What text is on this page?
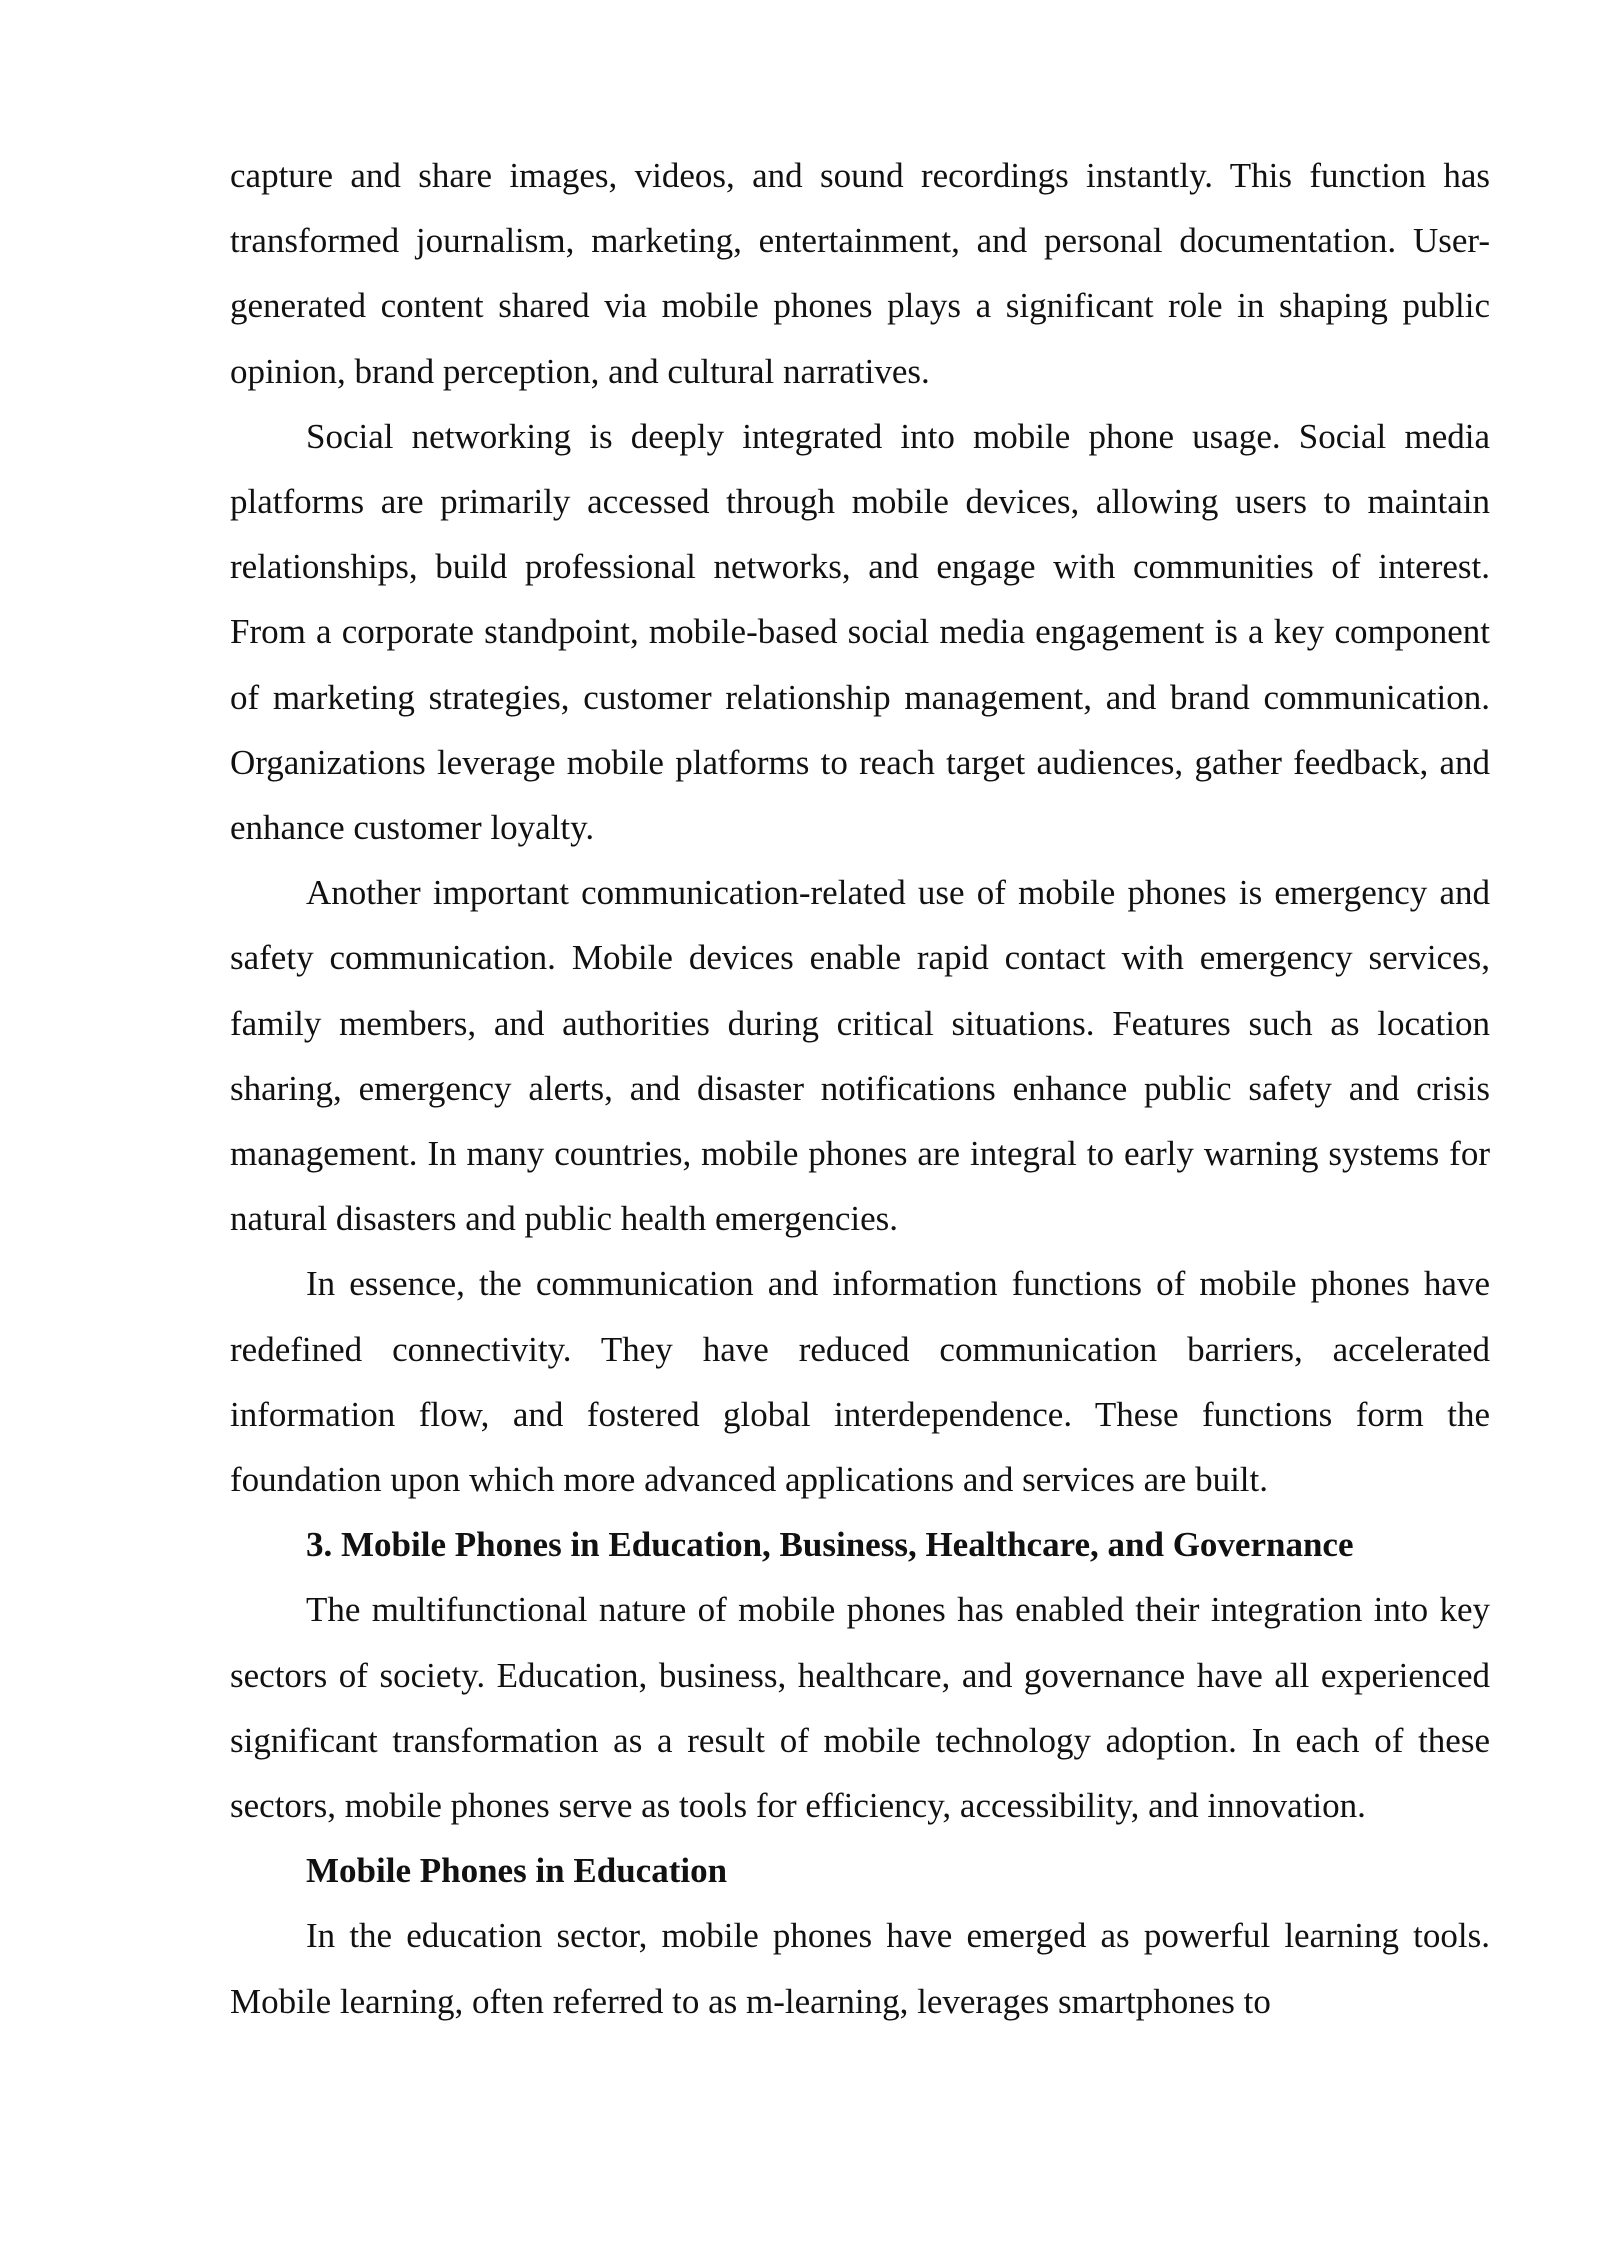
capture and share images, videos, and sound recordings instantly. This function has transformed journalism, marketing, entertainment, and personal documentation. User-generated content shared via mobile phones plays a significant role in shaping public opinion, brand perception, and cultural narratives.

Social networking is deeply integrated into mobile phone usage. Social media platforms are primarily accessed through mobile devices, allowing users to maintain relationships, build professional networks, and engage with communities of interest. From a corporate standpoint, mobile-based social media engagement is a key component of marketing strategies, customer relationship management, and brand communication. Organizations leverage mobile platforms to reach target audiences, gather feedback, and enhance customer loyalty.

Another important communication-related use of mobile phones is emergency and safety communication. Mobile devices enable rapid contact with emergency services, family members, and authorities during critical situations. Features such as location sharing, emergency alerts, and disaster notifications enhance public safety and crisis management. In many countries, mobile phones are integral to early warning systems for natural disasters and public health emergencies.

In essence, the communication and information functions of mobile phones have redefined connectivity. They have reduced communication barriers, accelerated information flow, and fostered global interdependence. These functions form the foundation upon which more advanced applications and services are built.

3. Mobile Phones in Education, Business, Healthcare, and Governance

The multifunctional nature of mobile phones has enabled their integration into key sectors of society. Education, business, healthcare, and governance have all experienced significant transformation as a result of mobile technology adoption. In each of these sectors, mobile phones serve as tools for efficiency, accessibility, and innovation.

Mobile Phones in Education

In the education sector, mobile phones have emerged as powerful learning tools. Mobile learning, often referred to as m-learning, leverages smartphones to
